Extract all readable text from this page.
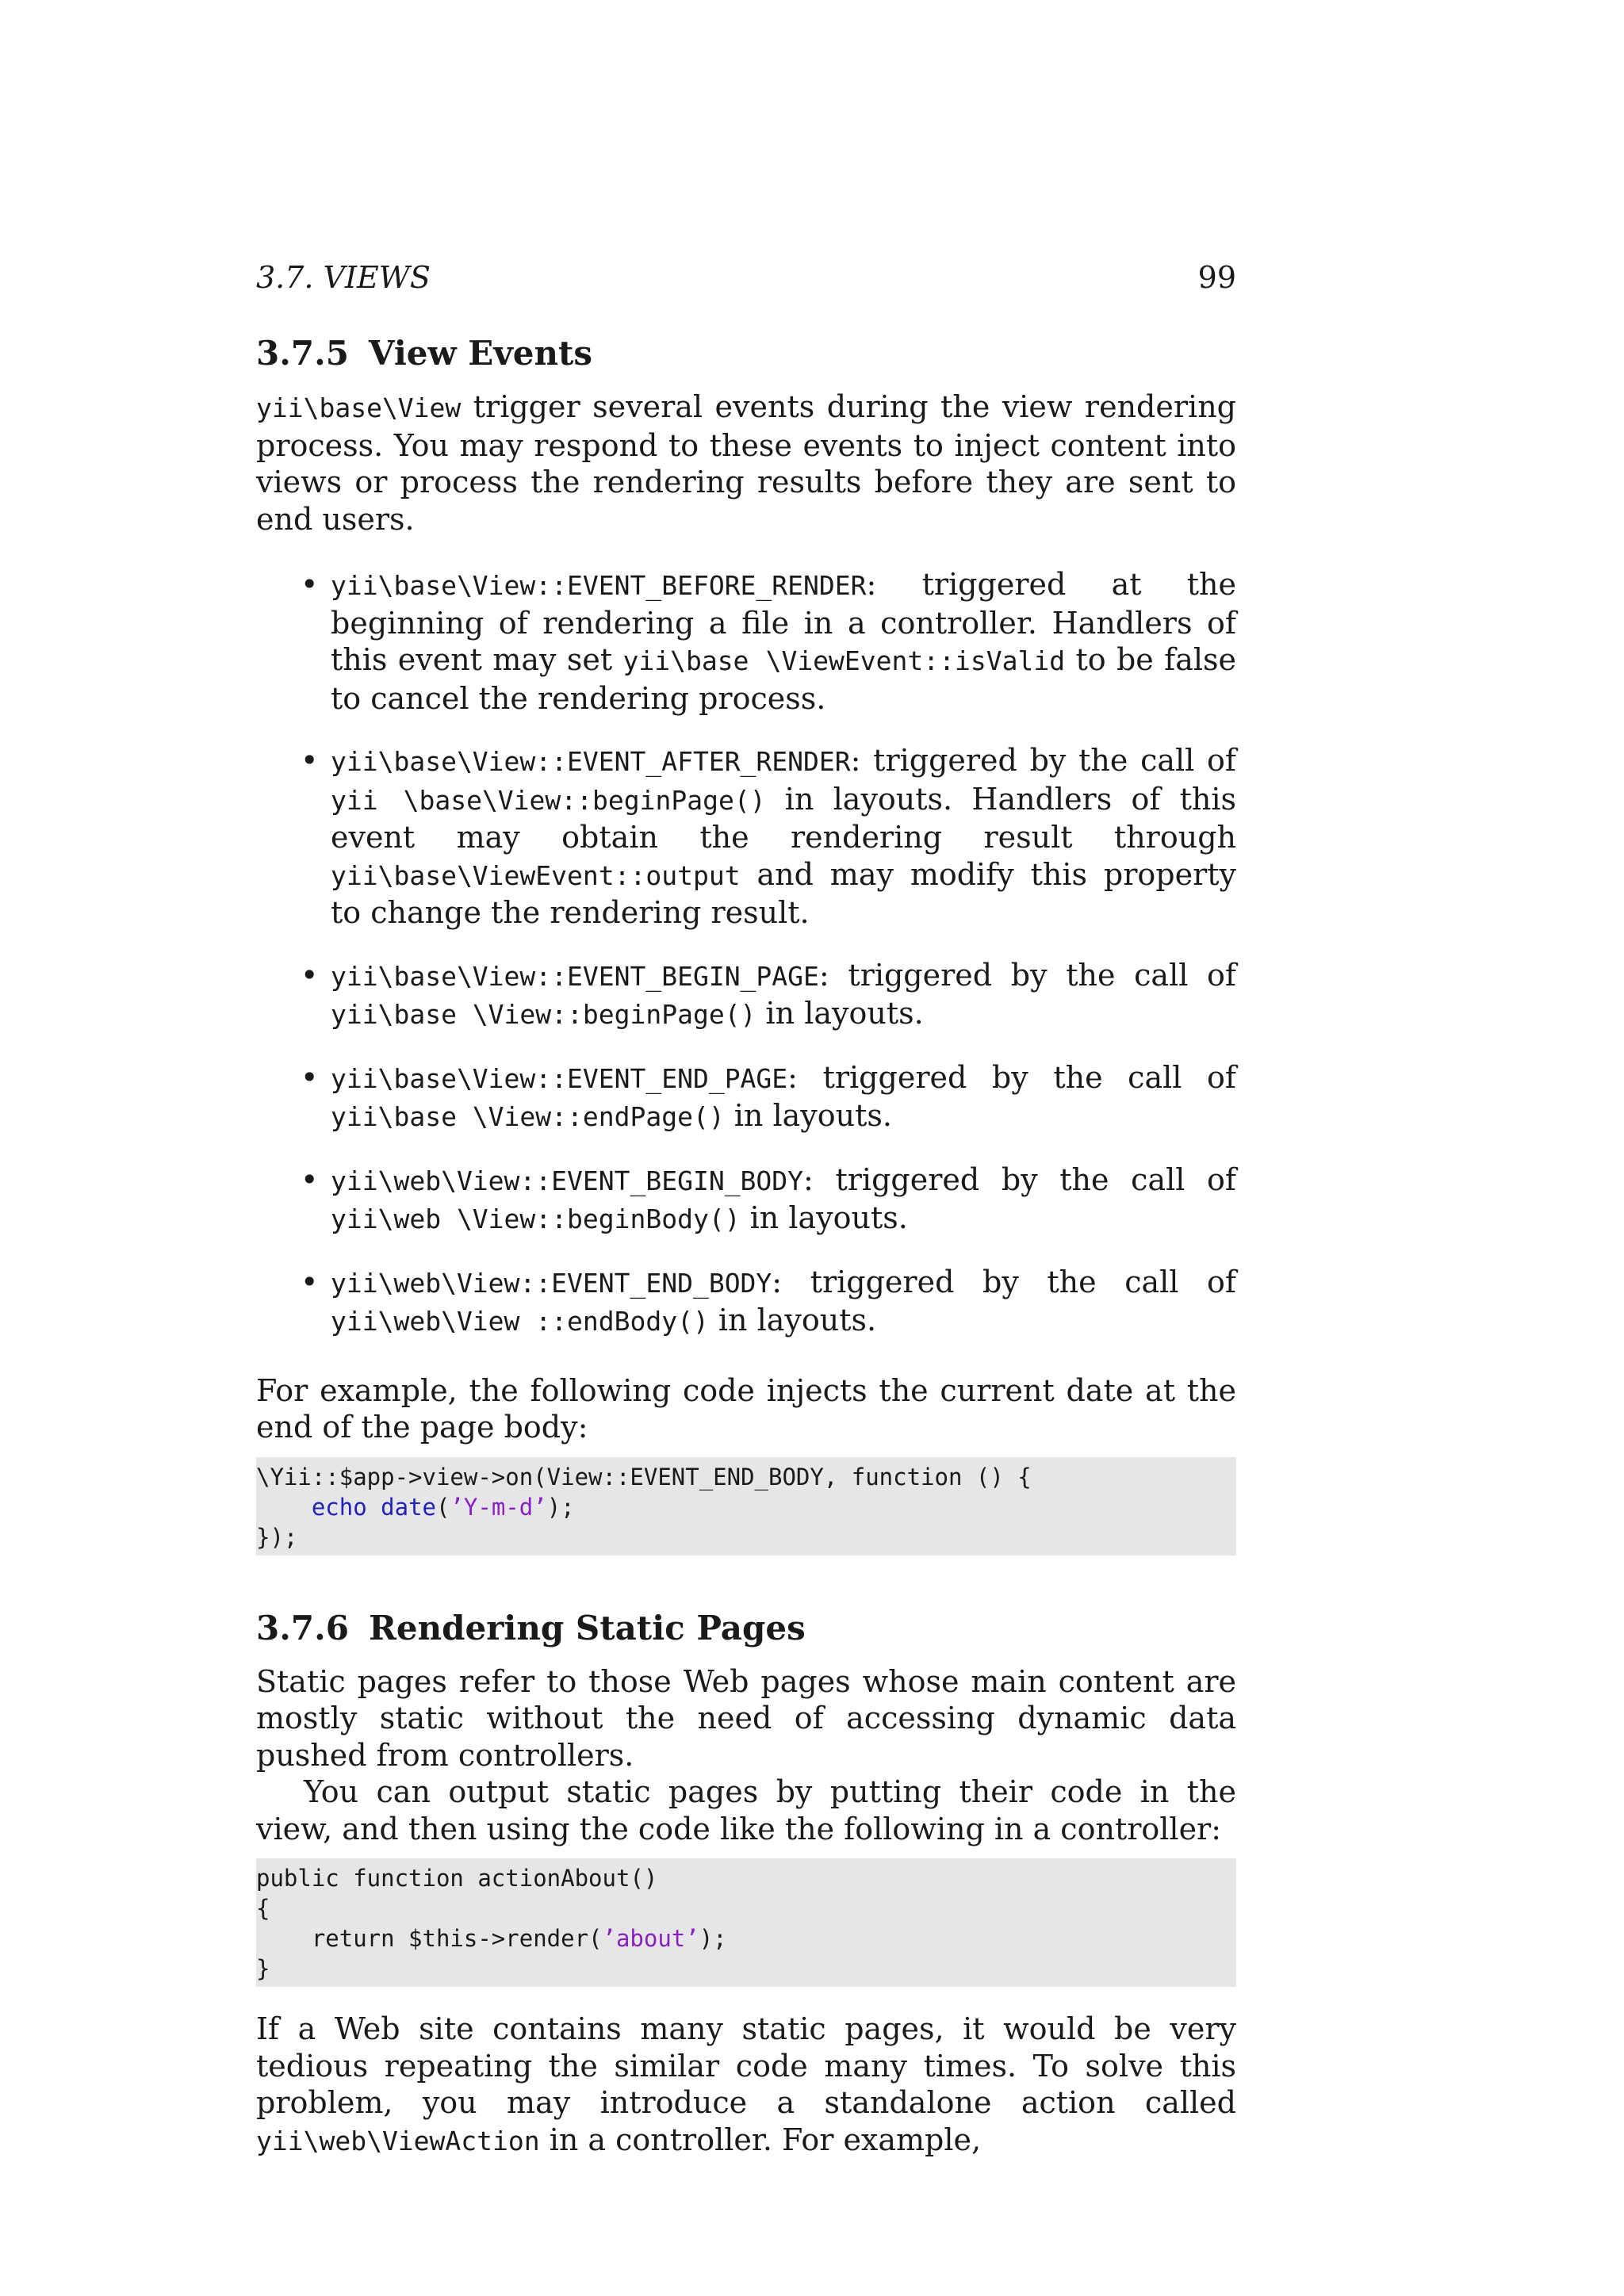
3.7. VIEWS	99
3.7.5 View Events

yii\base\View trigger several events during the view rendering process. You may respond to these events to inject content into views or process the rendering results before they are sent to end users.

• yii\base\View::EVENT_BEFORE_RENDER: triggered at the beginning of rendering a file in a controller. Handlers of this event may set yii\base \ViewEvent::isValid to be false to cancel the rendering process.
• yii\base\View::EVENT_AFTER_RENDER: triggered by the call of yii \base\View::beginPage() in layouts. Handlers of this event may obtain the rendering result through yii\base\ViewEvent::output and may modify this property to change the rendering result.
• yii\base\View::EVENT_BEGIN_PAGE: triggered by the call of yii\base \View::beginPage() in layouts.
• yii\base\View::EVENT_END_PAGE: triggered by the call of yii\base \View::endPage() in layouts.
• yii\web\View::EVENT_BEGIN_BODY: triggered by the call of yii\web \View::beginBody() in layouts.
• yii\web\View::EVENT_END_BODY: triggered by the call of yii\web\View ::endBody() in layouts.

For example, the following code injects the current date at the end of the page body:

\Yii::$app->view->on(View::EVENT_END_BODY, function () {
echo date(’Y-m-d’);
});
3.7.6 Rendering Static Pages

Static pages refer to those Web pages whose main content are mostly static without the need of accessing dynamic data pushed from controllers.

You can output static pages by putting their code in the view, and then using the code like the following in a controller:

public function actionAbout()
{
return $this->render(’about’);
}

If a Web site contains many static pages, it would be very tedious repeating the similar code many times. To solve this problem, you may introduce a standalone action called yii\web\ViewAction in a controller. For example,
